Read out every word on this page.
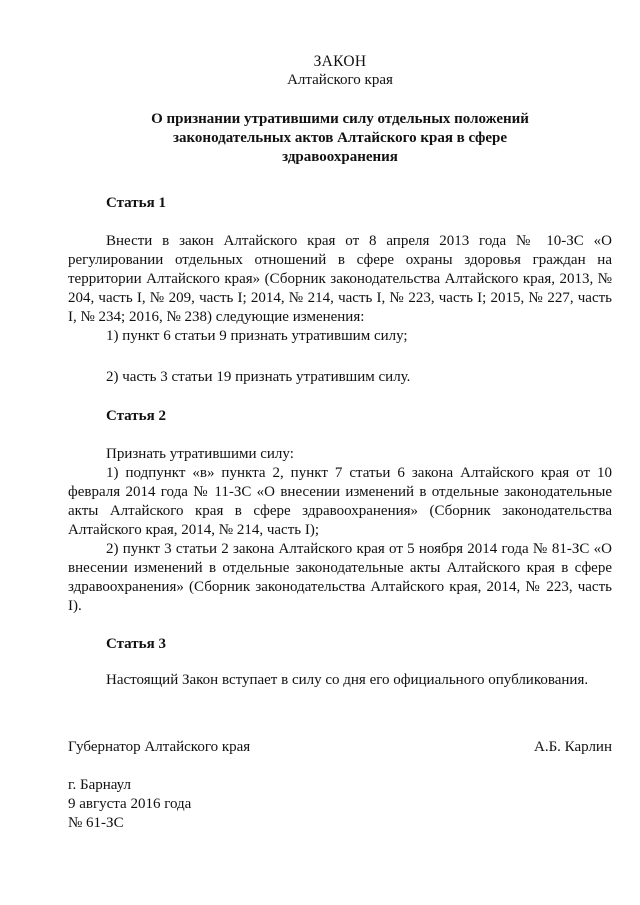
ЗАКОН
Алтайского края
О признании утратившими силу отдельных положений законодательных актов Алтайского края в сфере здравоохранения
Статья 1

Внести в закон Алтайского края от 8 апреля 2013 года № 10-ЗС «О регулировании отдельных отношений в сфере охраны здоровья граждан на территории Алтайского края» (Сборник законодательства Алтайского края, 2013, № 204, часть I, № 209, часть I; 2014, № 214, часть I, № 223, часть I; 2015, № 227, часть I, № 234; 2016, № 238) следующие изменения:

1) пункт 6 статьи 9 признать утратившим силу;

2) часть 3 статьи 19 признать утратившим силу.

Статья 2

Признать утратившими силу:

1) подпункт «в» пункта 2, пункт 7 статьи 6 закона Алтайского края от 10 февраля 2014 года № 11-ЗС «О внесении изменений в отдельные законодательные акты Алтайского края в сфере здравоохранения» (Сборник законодательства Алтайского края, 2014, № 214, часть I);

2) пункт 3 статьи 2 закона Алтайского края от 5 ноября 2014 года № 81-ЗС «О внесении изменений в отдельные законодательные акты Алтайского края в сфере здравоохранения» (Сборник законодательства Алтайского края, 2014, № 223, часть I).

Статья 3

Настоящий Закон вступает в силу со дня его официального опубликования.

Губернатор Алтайского края	А.Б. Карлин
г. Барнаул
9 августа 2016 года
№ 61-ЗС
